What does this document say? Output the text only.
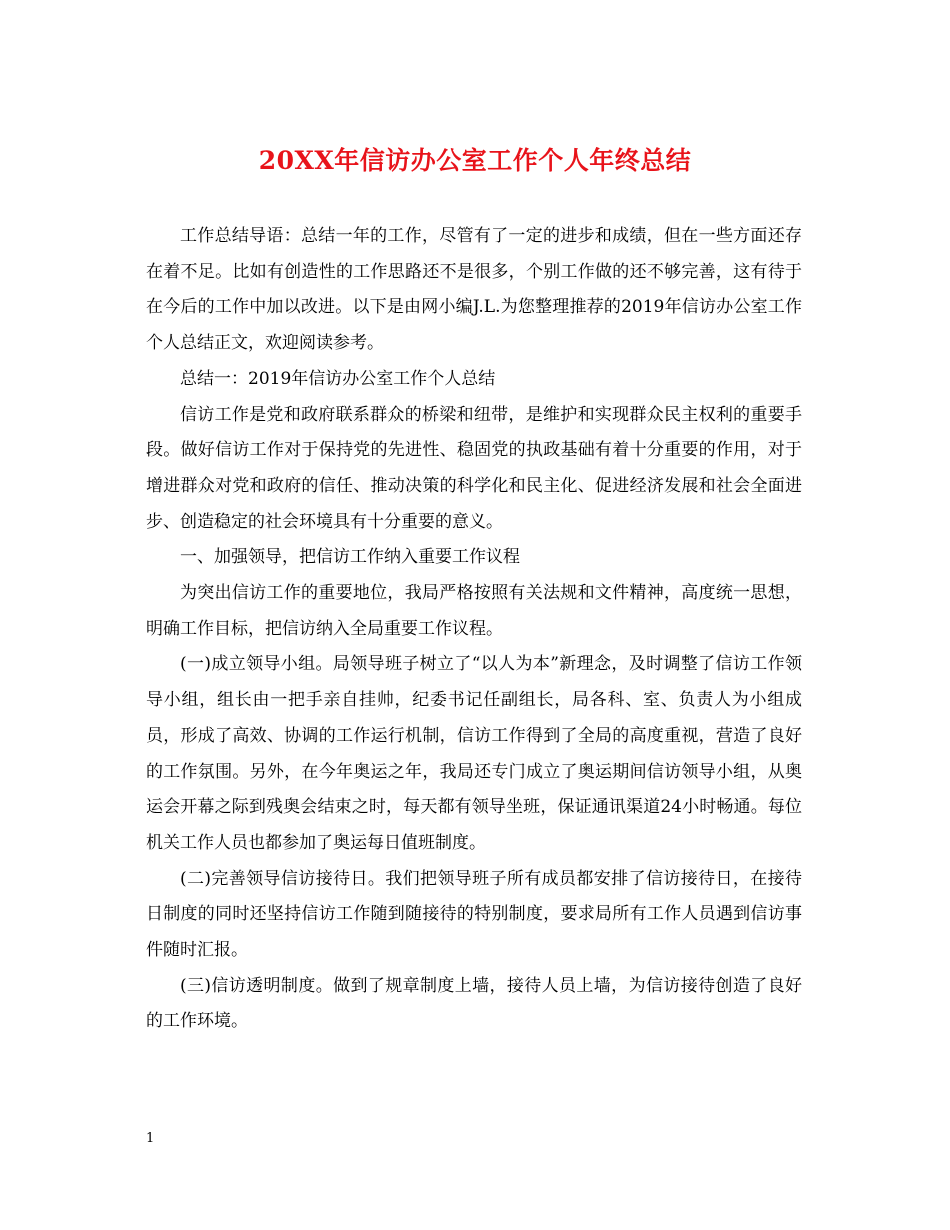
20XX年信访办公室工作个人年终总结

工作总结导语：总结一年的工作，尽管有了一定的进步和成绩，但在一些方面还存在着不足。比如有创造性的工作思路还不是很多，个别工作做的还不够完善，这有待于在今后的工作中加以改进。以下是由网小编J.L.为您整理推荐的2019年信访办公室工作个人总结正文，欢迎阅读参考。

总结一：2019年信访办公室工作个人总结

信访工作是党和政府联系群众的桥梁和纽带，是维护和实现群众民主权利的重要手段。做好信访工作对于保持党的先进性、稳固党的执政基础有着十分重要的作用，对于增进群众对党和政府的信任、推动决策的科学化和民主化、促进经济发展和社会全面进步、创造稳定的社会环境具有十分重要的意义。

一、加强领导，把信访工作纳入重要工作议程

为突出信访工作的重要地位，我局严格按照有关法规和文件精神，高度统一思想，明确工作目标，把信访纳入全局重要工作议程。

(一)成立领导小组。局领导班子树立了“以人为本”新理念，及时调整了信访工作领导小组，组长由一把手亲自挂帅，纪委书记任副组长，局各科、室、负责人为小组成员，形成了高效、协调的工作运行机制，信访工作得到了全局的高度重视，营造了良好的工作氛围。另外，在今年奥运之年，我局还专门成立了奥运期间信访领导小组，从奥运会开幕之际到残奥会结束之时，每天都有领导坐班，保证通讯渠道24小时畅通。每位机关工作人员也都参加了奥运每日值班制度。

(二)完善领导信访接待日。我们把领导班子所有成员都安排了信访接待日，在接待日制度的同时还坚持信访工作随到随接待的特别制度，要求局所有工作人员遇到信访事件随时汇报。

(三)信访透明制度。做到了规章制度上墙，接待人员上墙，为信访接待创造了良好的工作环境。

1
